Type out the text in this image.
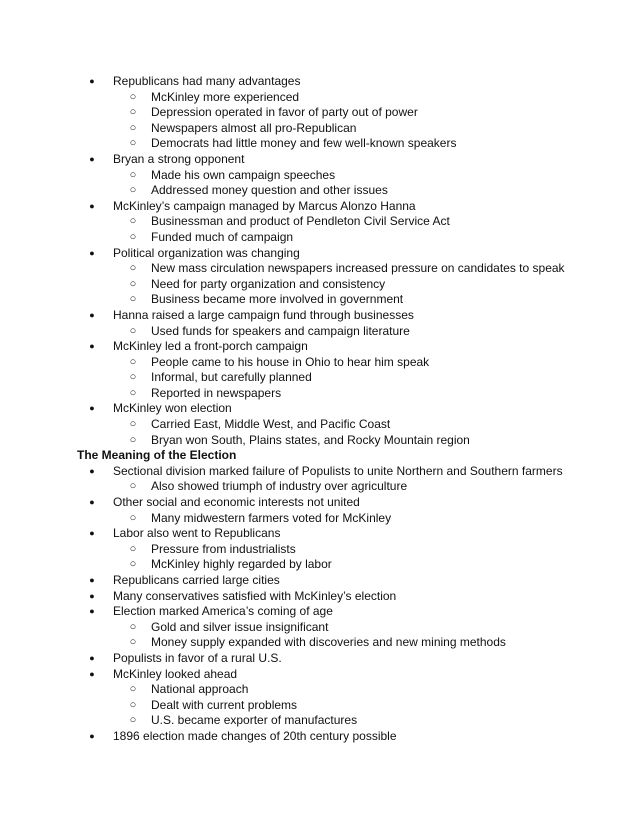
● Republicans had many advantages
○ McKinley more experienced
○ Depression operated in favor of party out of power
○ Newspapers almost all pro-Republican
○ Democrats had little money and few well-known speakers
● Bryan a strong opponent
○ Made his own campaign speeches
○ Addressed money question and other issues
● McKinley’s campaign managed by Marcus Alonzo Hanna
○ Businessman and product of Pendleton Civil Service Act
○ Funded much of campaign
● Political organization was changing
○ New mass circulation newspapers increased pressure on candidates to speak
○ Need for party organization and consistency
○ Business became more involved in government
● Hanna raised a large campaign fund through businesses
○ Used funds for speakers and campaign literature
● McKinley led a front-porch campaign
○ People came to his house in Ohio to hear him speak
○ Informal, but carefully planned
○ Reported in newspapers
● McKinley won election
○ Carried East, Middle West, and Pacific Coast
○ Bryan won South, Plains states, and Rocky Mountain region
The Meaning of the Election
● Sectional division marked failure of Populists to unite Northern and Southern farmers
○ Also showed triumph of industry over agriculture
● Other social and economic interests not united
○ Many midwestern farmers voted for McKinley
● Labor also went to Republicans
○ Pressure from industrialists
○ McKinley highly regarded by labor
● Republicans carried large cities
● Many conservatives satisfied with McKinley’s election
● Election marked America’s coming of age
○ Gold and silver issue insignificant
○ Money supply expanded with discoveries and new mining methods
● Populists in favor of a rural U.S.
● McKinley looked ahead
○ National approach
○ Dealt with current problems
○ U.S. became exporter of manufactures
● 1896 election made changes of 20th century possible
